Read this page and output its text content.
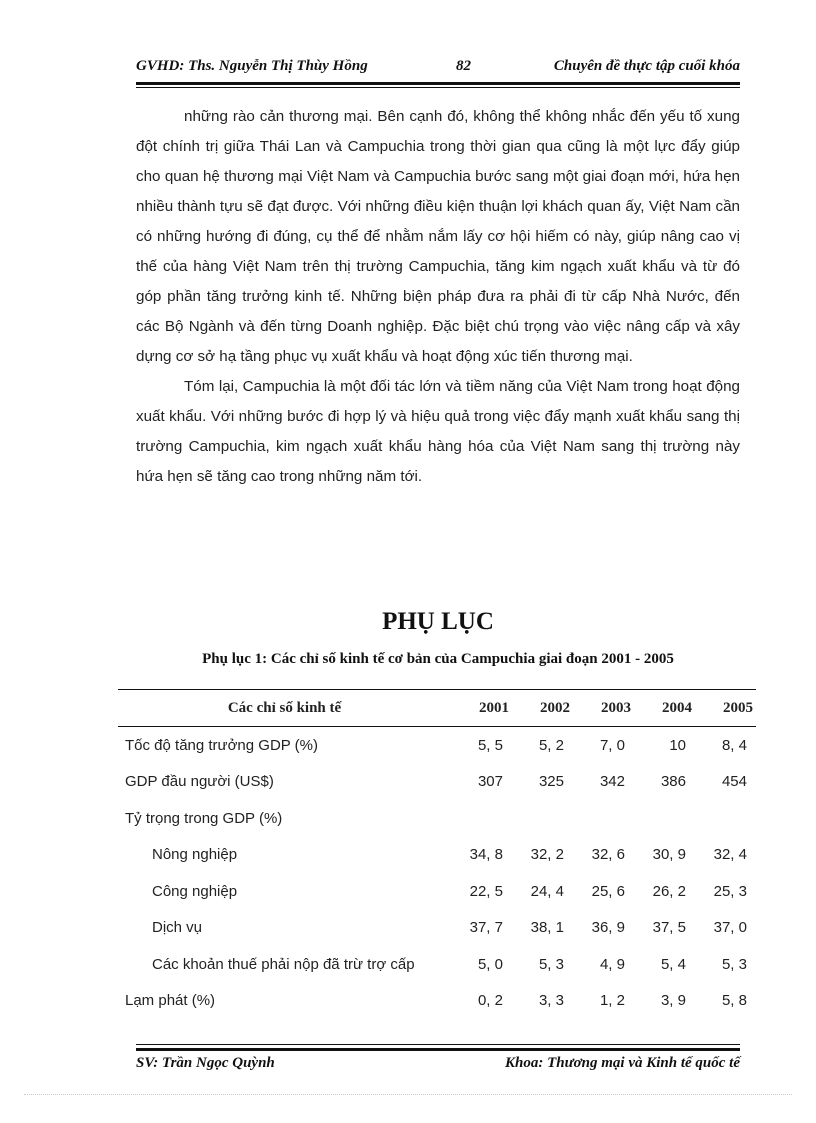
GVHD: Ths. Nguyễn Thị Thùy Hồng	82	Chuyên đề thực tập cuối khóa

những rào cản thương mại. Bên cạnh đó, không thể không nhắc đến yếu tố xung đột chính trị giữa Thái Lan và Campuchia trong thời gian qua cũng là một lực đẩy giúp cho quan hệ thương mại Việt Nam và Campuchia bước sang một giai đoạn mới, hứa hẹn nhiều thành tựu sẽ đạt được. Với những điều kiện thuận lợi khách quan ấy, Việt Nam cần có những hướng đi đúng, cụ thể để nhằm nắm lấy cơ hội hiếm có này, giúp nâng cao vị thế của hàng Việt Nam trên thị trường Campuchia, tăng kim ngạch xuất khẩu và từ đó góp phần tăng trưởng kinh tế. Những biện pháp đưa ra phải đi từ cấp Nhà Nước, đến các Bộ Ngành và đến từng Doanh nghiệp. Đặc biệt chú trọng vào việc nâng cấp và xây dựng cơ sở hạ tầng phục vụ xuất khẩu và hoạt động xúc tiến thương mại.

Tóm lại, Campuchia là một đối tác lớn và tiềm năng của Việt Nam trong hoạt động xuất khẩu. Với những bước đi hợp lý và hiệu quả trong việc đẩy mạnh xuất khẩu sang thị trường Campuchia, kim ngạch xuất khẩu hàng hóa của Việt Nam sang thị trường này hứa hẹn sẽ tăng cao trong những năm tới.

PHỤ LỤC
Phụ lục 1: Các chỉ số kinh tế cơ bản của Campuchia giai đoạn 2001 - 2005
Các chỉ số kinh tế	2001	2002	2003	2004	2005
Tốc độ tăng trưởng GDP (%)	5, 5	5, 2	7, 0	10	8, 4
GDP đầu người (US$)	307	325	342	386	454
Tỷ trọng trong GDP (%)					
Nông nghiệp	34, 8	32, 2	32, 6	30, 9	32, 4
Công nghiệp	22, 5	24, 4	25, 6	26, 2	25, 3
Dịch vụ	37, 7	38, 1	36, 9	37, 5	37, 0
Các khoản thuế phải nộp đã trừ trợ cấp	5, 0	5, 3	4, 9	5, 4	5, 3
Lạm phát (%)	0, 2	3, 3	1, 2	3, 9	5, 8
SV: Trần Ngọc Quỳnh	Khoa: Thương mại và Kinh tế quốc tế
